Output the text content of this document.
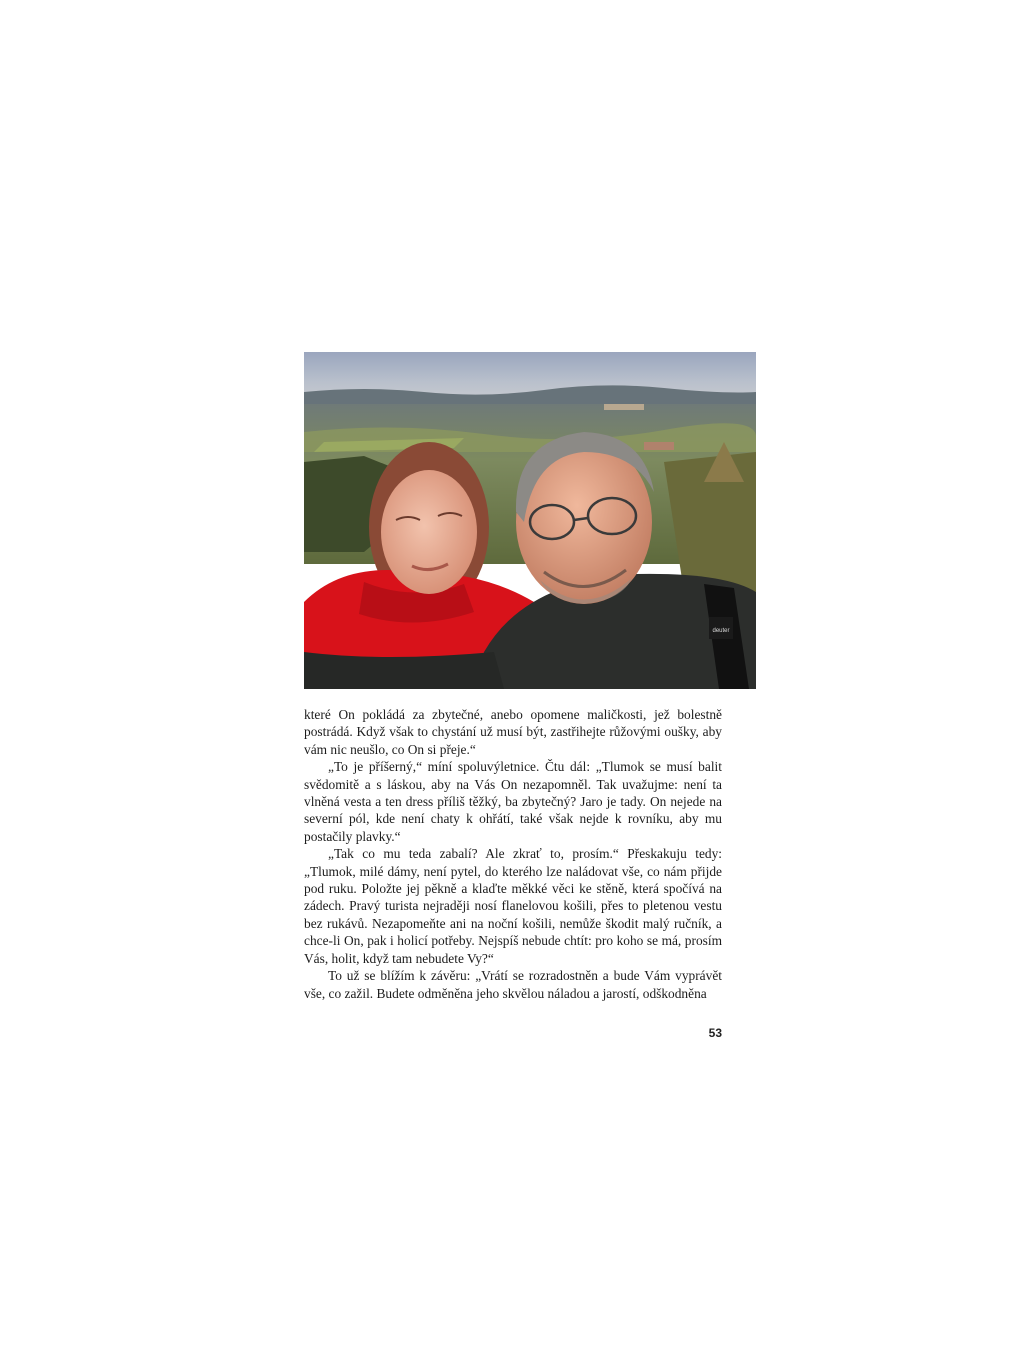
deuter

které On pokládá za zbytečné, anebo opomene maličkosti, jež bolestně postrádá. Když však to chystání už musí být, zastřihejte růžovými oušky, aby vám nic neušlo, co On si přeje.“

„To je příšerný,“ míní spoluvýletnice. Čtu dál: „Tlumok se musí balit svědomitě a s láskou, aby na Vás On nezapomněl. Tak uvažujme: není ta vlněná vesta a ten dress příliš těžký, ba zbytečný? Jaro je tady. On nejede na severní pól, kde není chaty k ohřátí, také však nejde k rovníku, aby mu postačily plavky.“

„Tak co mu teda zabalí? Ale zkrať to, prosím.“ Přeskakuju tedy: „Tlumok, milé dámy, není pytel, do kterého lze naládovat vše, co nám přijde pod ruku. Položte jej pěkně a klaďte měkké věci ke stěně, která spočívá na zádech. Pravý turista nejraději nosí flanelovou košili, přes to pletenou vestu bez rukávů. Nezapomeňte ani na noční košili, nemůže škodit malý ručník, a chce-li On, pak i holicí potřeby. Nejspíš nebude chtít: pro koho se má, prosím Vás, holit, když tam nebudete Vy?“

To už se blížím k závěru: „Vrátí se rozradostněn a bude Vám vyprávět vše, co zažil. Budete odměněna jeho skvělou náladou a jarostí, odškodněna

53
